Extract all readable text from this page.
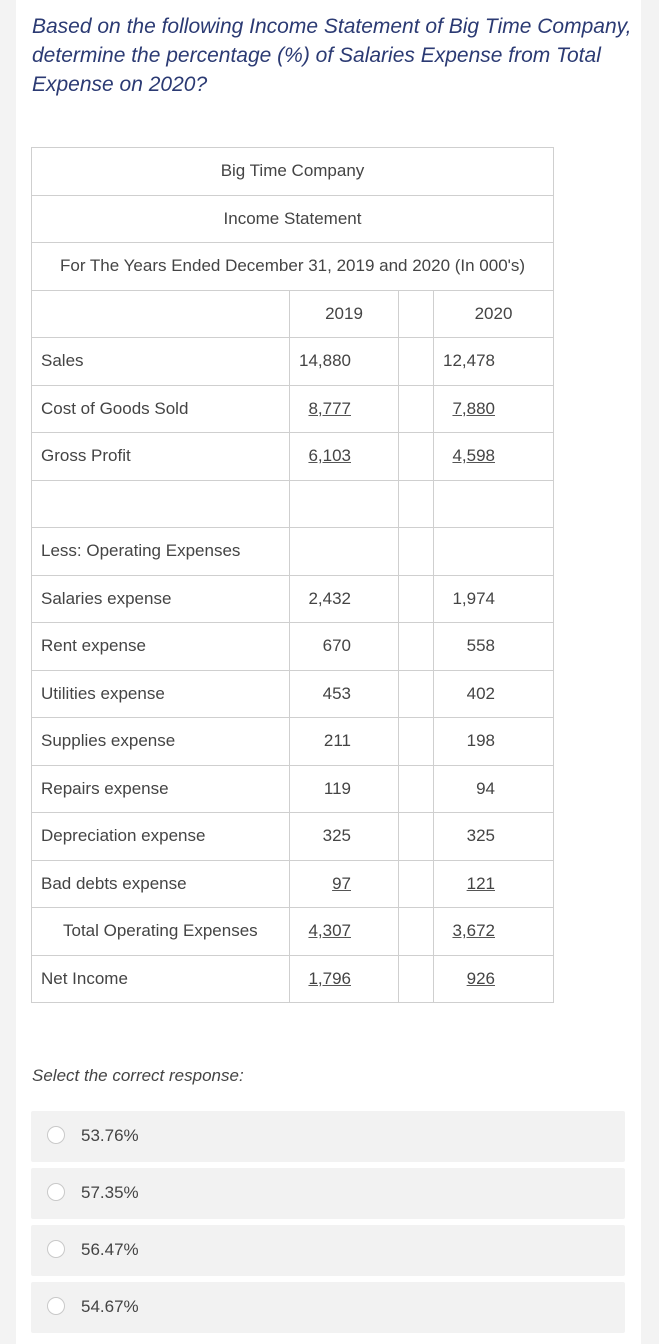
Based on the following Income Statement of Big Time Company, determine the percentage (%) of Salaries Expense from Total Expense on 2020?
Big Time Company			
Income Statement			
For The Years Ended December 31, 2019 and 2020 (In 000's)			
	2019		2020
Sales	14,880		12,478
Cost of Goods Sold	8,777		7,880
Gross Profit	6,103		4,598

Less: Operating Expenses			
Salaries expense	2,432		1,974
Rent expense	670		558
Utilities expense	453		402
Supplies expense	211		198
Repairs expense	119		94
Depreciation expense	325		325
Bad debts expense	97		121
Total Operating Expenses	4,307		3,672
Net Income	1,796		926
Select the correct response:
53.76%
57.35%
56.47%
54.67%
